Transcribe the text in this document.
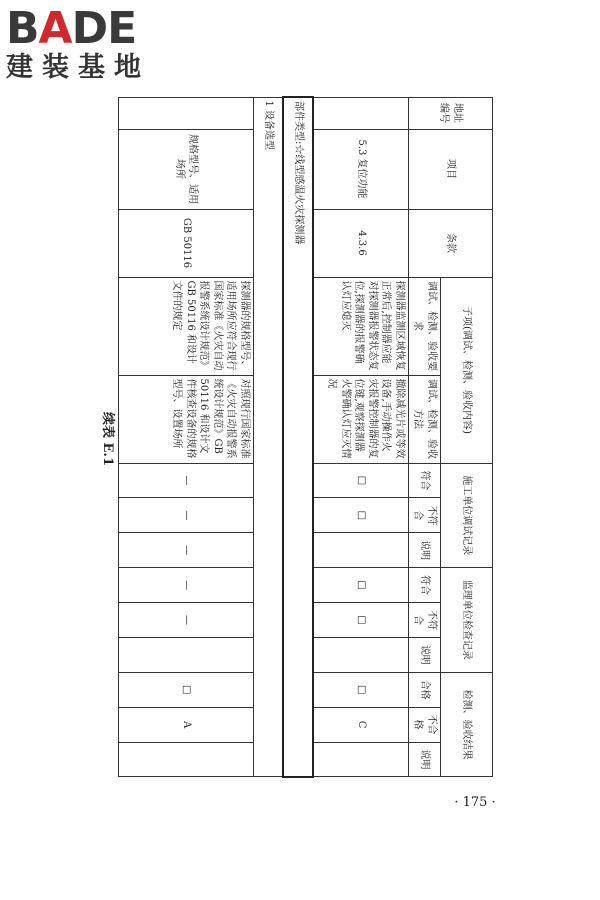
BADE
建装基地
续表 E.1
地址编号	项目	条款	子项(调试、检测、验收内容)		施工单位调试记录			监理单位检查记录			检测、验收结果		

			调试、检测、验收要求	调试、检测、验收方法	符合	不符合	说明	符合	不符合	说明	合格	不合格	说明
	5.3 复位功能	4.3.6	探测器监测区域恢复正常后,控制器应能对探测器报警状态复位,探测器的报警确认灯应熄灭	撤除减光片或等效设备,手动操作火灾报警控制器的复位键,观察探测器火警确认灯应灭情况	□	□		□	□		□	C	
部件类型:☆线型感温火灾探测器													
1 设备选型													
	规格型号、适用场所	GB 50116	探测器的规格型号、适用场所应符合现行国家标准《火灾自动报警系统设计规范》GB 50116 和设计文件的规定	对照现行国家标准《火灾自动报警系统设计规范》GB 50116 和设计文件核查设备的规格型号、设置场所	—	—	—	—	—		□	A	
· 175 ·
